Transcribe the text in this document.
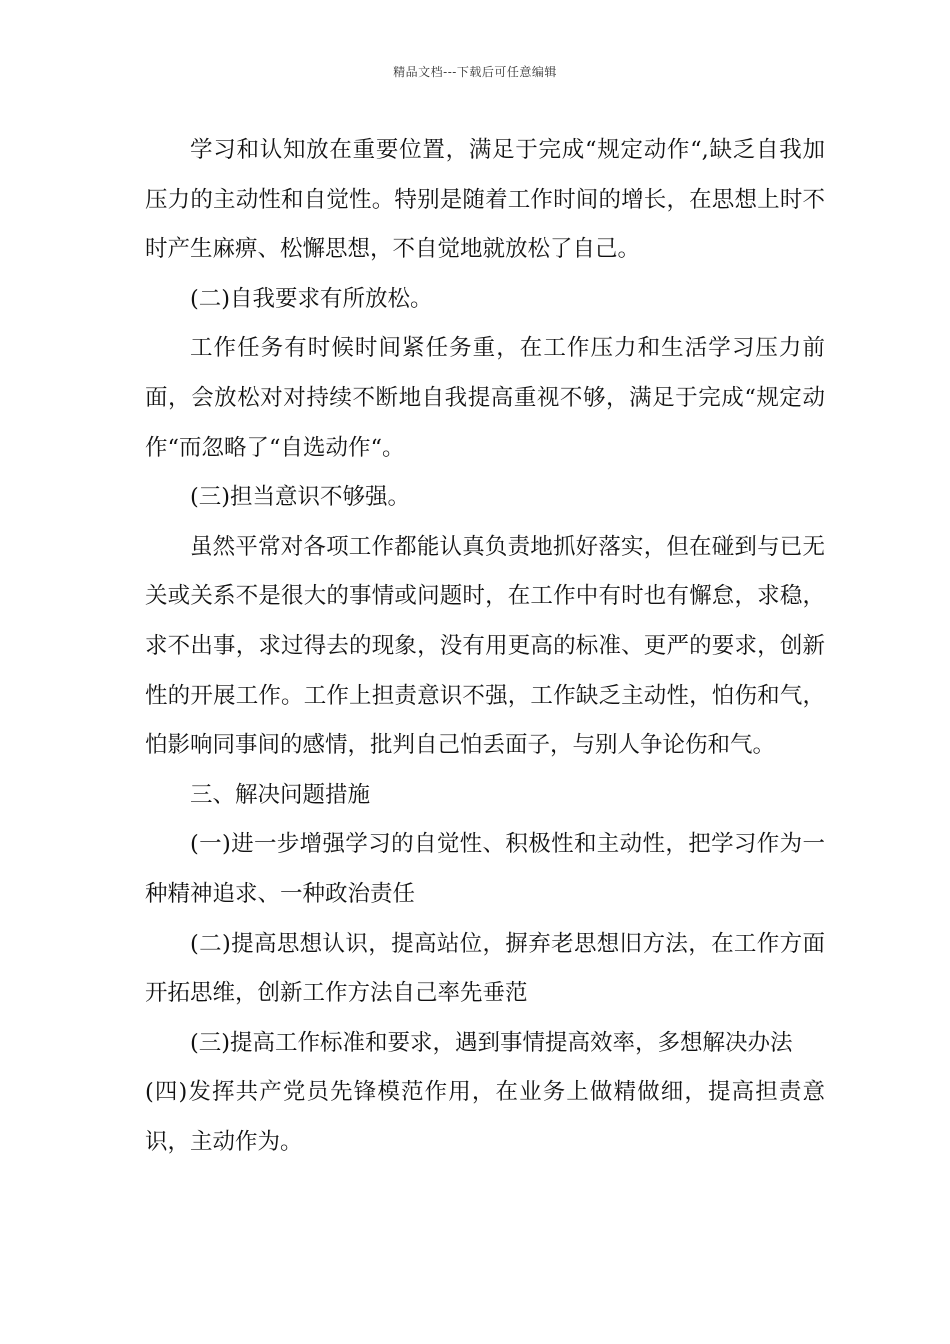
精品文档---下载后可任意编辑

学习和认知放在重要位置，满足于完成“规定动作“,缺乏自我加压力的主动性和自觉性。特别是随着工作时间的增长，在思想上时不时产生麻痹、松懈思想，不自觉地就放松了自己。

(二)自我要求有所放松。

工作任务有时候时间紧任务重，在工作压力和生活学习压力前面，会放松对对持续不断地自我提高重视不够，满足于完成“规定动作“而忽略了“自选动作“。

(三)担当意识不够强。

虽然平常对各项工作都能认真负责地抓好落实，但在碰到与已无关或关系不是很大的事情或问题时，在工作中有时也有懈怠，求稳，求不出事，求过得去的现象，没有用更高的标准、更严的要求，创新性的开展工作。工作上担责意识不强，工作缺乏主动性，怕伤和气，怕影响同事间的感情，批判自己怕丢面子，与别人争论伤和气。

三、解决问题措施

(一)进一步增强学习的自觉性、积极性和主动性，把学习作为一种精神追求、一种政治责任

(二)提高思想认识，提高站位，摒弃老思想旧方法，在工作方面开拓思维，创新工作方法自己率先垂范

(三)提高工作标准和要求，遇到事情提高效率，多想解决办法

(四)发挥共产党员先锋模范作用，在业务上做精做细，提高担责意识，主动作为。
